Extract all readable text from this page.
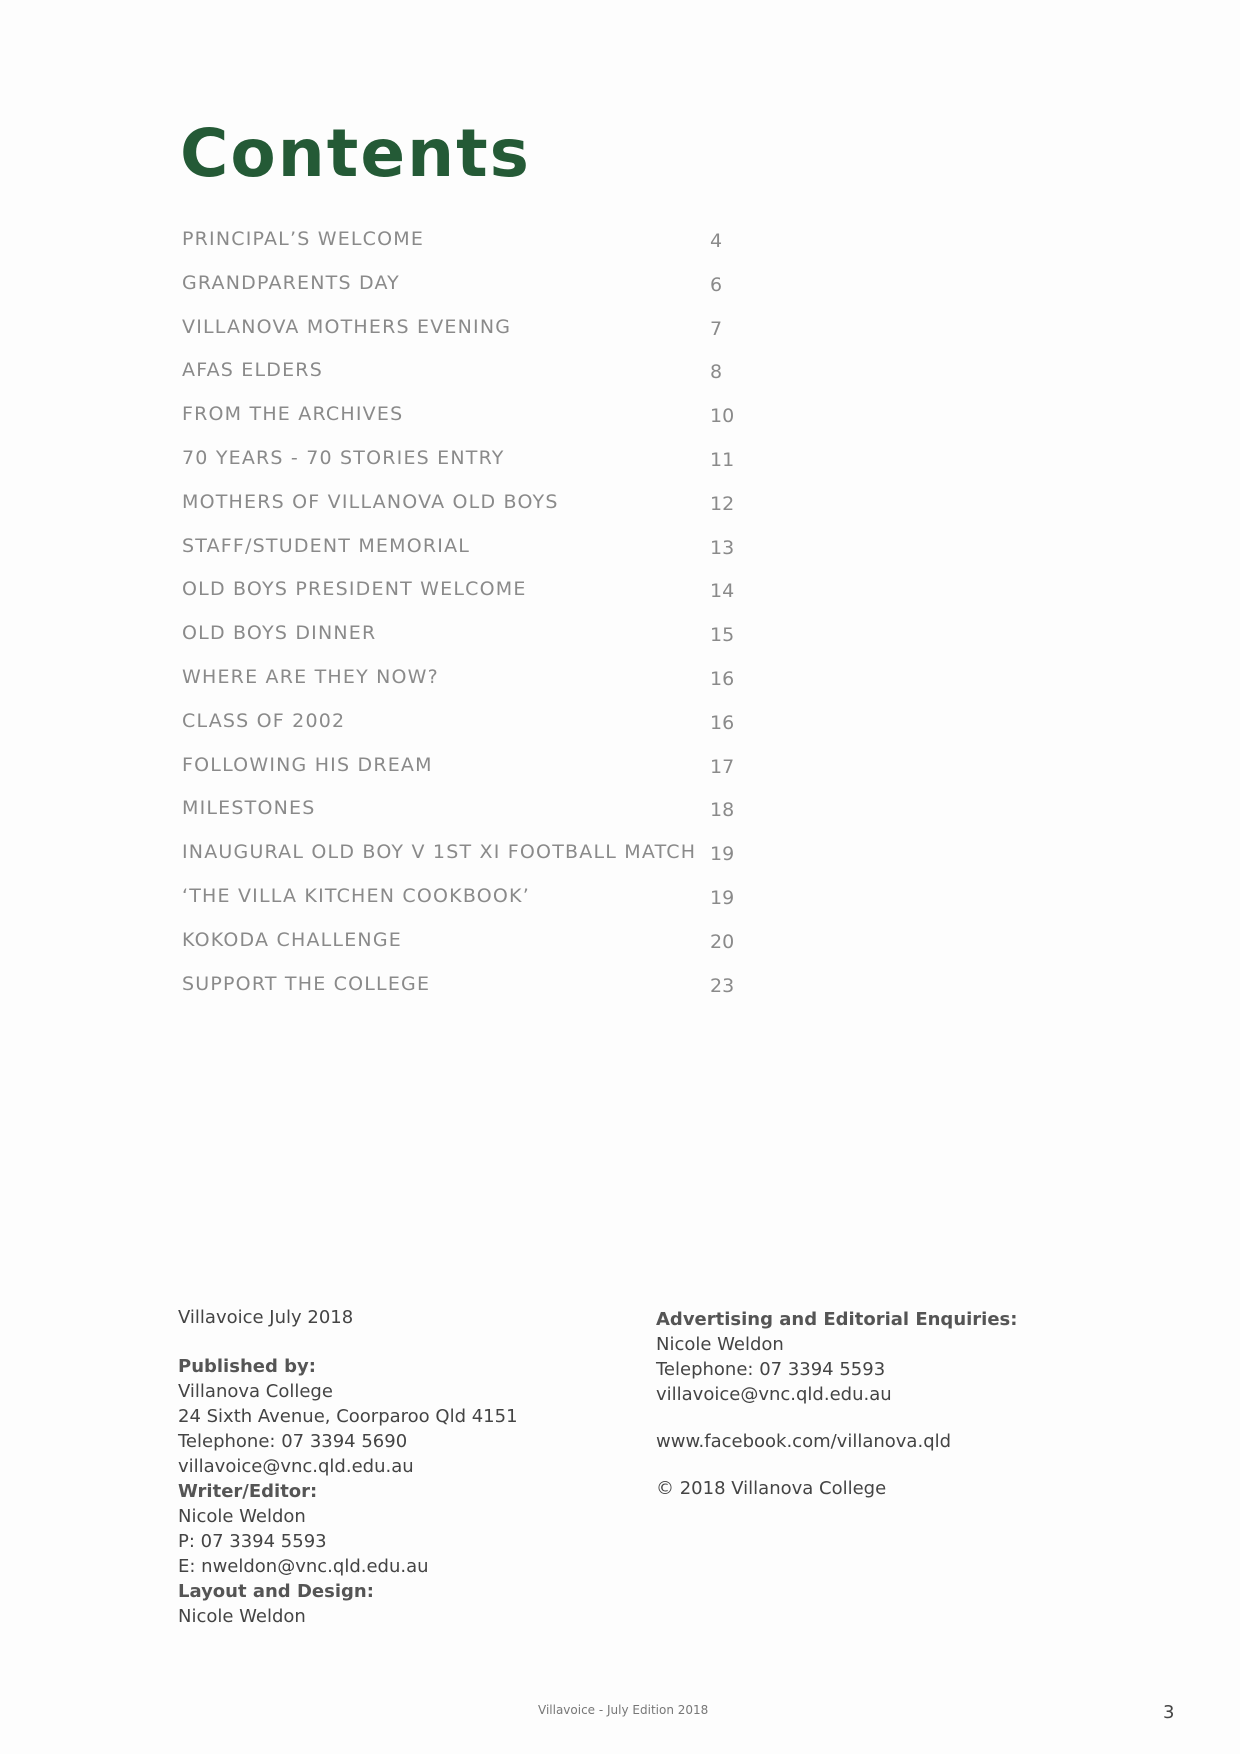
Contents
PRINCIPAL’S WELCOME	4
GRANDPARENTS DAY	6
VILLANOVA MOTHERS EVENING	7
AFAS ELDERS	8
FROM THE ARCHIVES	10
70 YEARS - 70 STORIES ENTRY	11
MOTHERS OF VILLANOVA OLD BOYS	12
STAFF/STUDENT MEMORIAL	13
OLD BOYS PRESIDENT WELCOME	14
OLD BOYS DINNER	15
WHERE ARE THEY NOW?	16
CLASS OF 2002	16
FOLLOWING HIS DREAM	17
MILESTONES	18
INAUGURAL OLD BOY V 1ST XI FOOTBALL MATCH 19
‘THE VILLA KITCHEN COOKBOOK’	19
KOKODA CHALLENGE	20
SUPPORT THE COLLEGE	23
Villavoice July 2018
Published by:
Villanova College
24 Sixth Avenue, Coorparoo Qld 4151
Telephone: 07 3394 5690
villavoice@vnc.qld.edu.au
Writer/Editor:
Nicole Weldon
P: 07 3394 5593
E: nweldon@vnc.qld.edu.au
Layout and Design:
Nicole Weldon
Advertising and Editorial Enquiries:
Nicole Weldon
Telephone: 07 3394 5593
villavoice@vnc.qld.edu.au
www.facebook.com/villanova.qld
© 2018 Villanova College
Villavoice - July Edition 2018	3
